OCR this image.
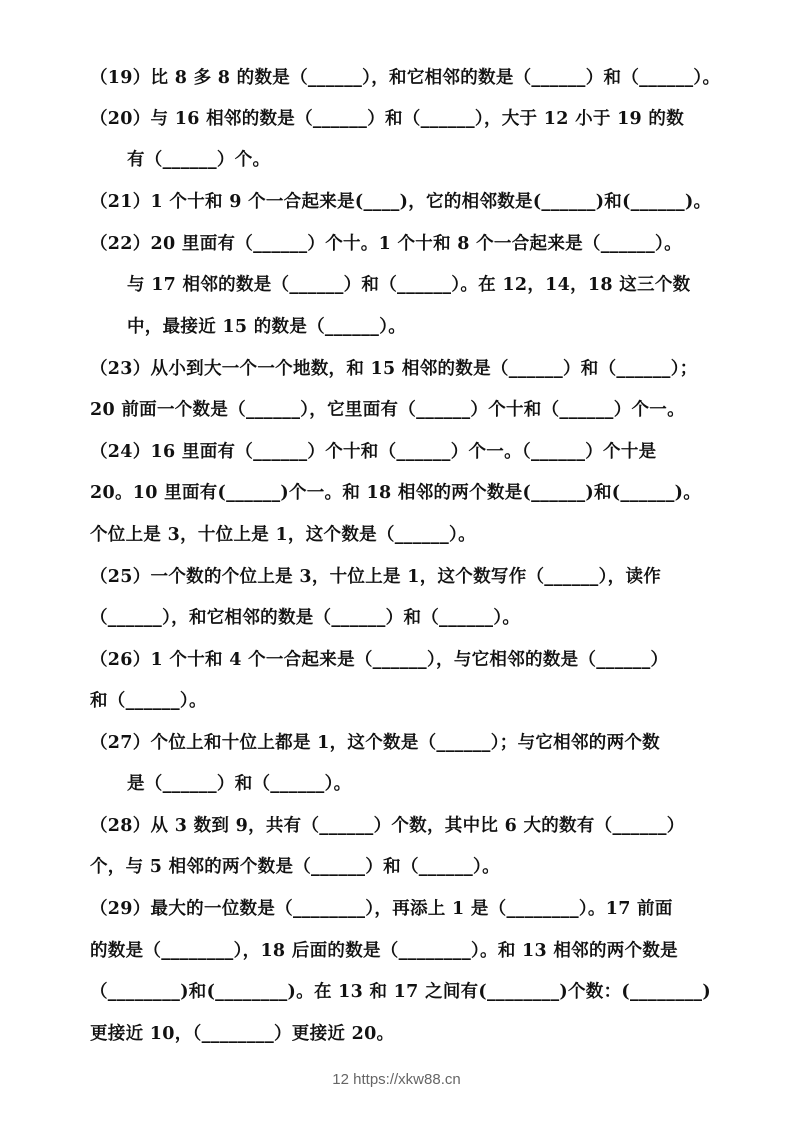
（19）比 8 多 8 的数是（______），和它相邻的数是（______）和（______）。
（20）与 16 相邻的数是（______）和（______），大于 12 小于 19 的数
有（______）个。
（21）1 个十和 9 个一合起来是(____)，它的相邻数是(______)和(______)。
（22）20 里面有（______）个十。1 个十和 8 个一合起来是（______）。
与 17 相邻的数是（______）和（______）。在 12，14，18 这三个数
中，最接近 15 的数是（______）。
（23）从小到大一个一个地数，和 15 相邻的数是（______）和（______）；
20 前面一个数是（______），它里面有（______）个十和（______）个一。
（24）16 里面有（______）个十和（______）个一。（______）个十是
20。10 里面有(______)个一。和 18 相邻的两个数是(______)和(______)。
个位上是 3，十位上是 1，这个数是（______）。
（25）一个数的个位上是 3，十位上是 1，这个数写作（______），读作
（______），和它相邻的数是（______）和（______）。
（26）1 个十和 4 个一合起来是（______），与它相邻的数是（______）
和（______）。
（27）个位上和十位上都是 1，这个数是（______）；与它相邻的两个数
是（______）和（______）。
（28）从 3 数到 9，共有（______）个数，其中比 6 大的数有（______）
个，与 5 相邻的两个数是（______）和（______）。
（29）最大的一位数是（________），再添上 1 是（________）。17 前面
的数是（________），18 后面的数是（________）。和 13 相邻的两个数是
（________)和(________)。在 13 和 17 之间有(________)个数：(________)
更接近 10，（________）更接近 20。
12 https://xkw88.cn
